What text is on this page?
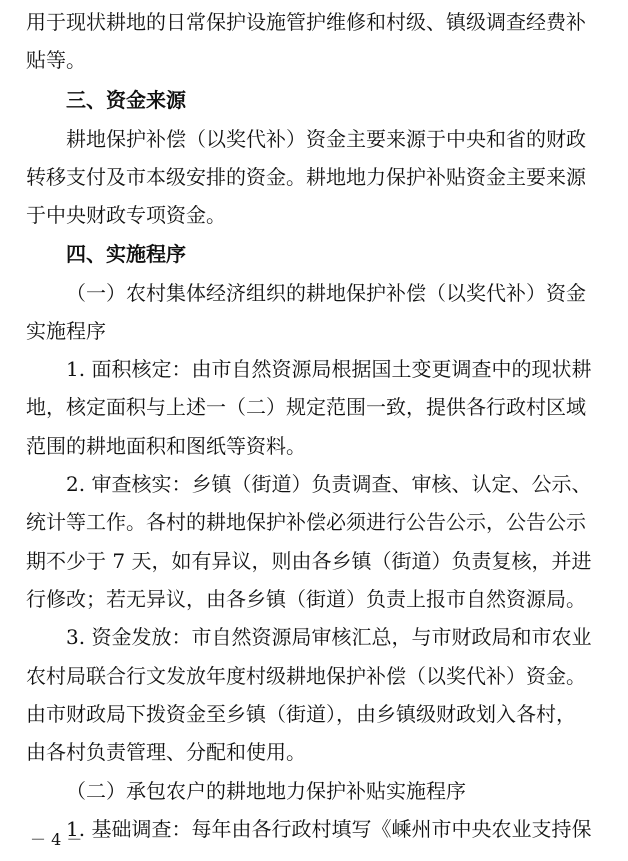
用于现状耕地的日常保护设施管护维修和村级、镇级调查经费补
贴等。
三、资金来源
耕地保护补偿（以奖代补）资金主要来源于中央和省的财政
转移支付及市本级安排的资金。耕地地力保护补贴资金主要来源
于中央财政专项资金。
四、实施程序
（一）农村集体经济组织的耕地保护补偿（以奖代补）资金
实施程序
1. 面积核定：由市自然资源局根据国土变更调查中的现状耕
地，核定面积与上述一（二）规定范围一致，提供各行政村区域
范围的耕地面积和图纸等资料。
2. 审查核实：乡镇（街道）负责调查、审核、认定、公示、
统计等工作。各村的耕地保护补偿必须进行公告公示，公告公示
期不少于 7 天，如有异议，则由各乡镇（街道）负责复核，并进
行修改；若无异议，由各乡镇（街道）负责上报市自然资源局。
3. 资金发放：市自然资源局审核汇总，与市财政局和市农业
农村局联合行文发放年度村级耕地保护补偿（以奖代补）资金。
由市财政局下拨资金至乡镇（街道），由乡镇级财政划入各村，
由各村负责管理、分配和使用。
（二）承包农户的耕地地力保护补贴实施程序
1. 基础调查：每年由各行政村填写《嵊州市中央农业支持保
－ 4 －
